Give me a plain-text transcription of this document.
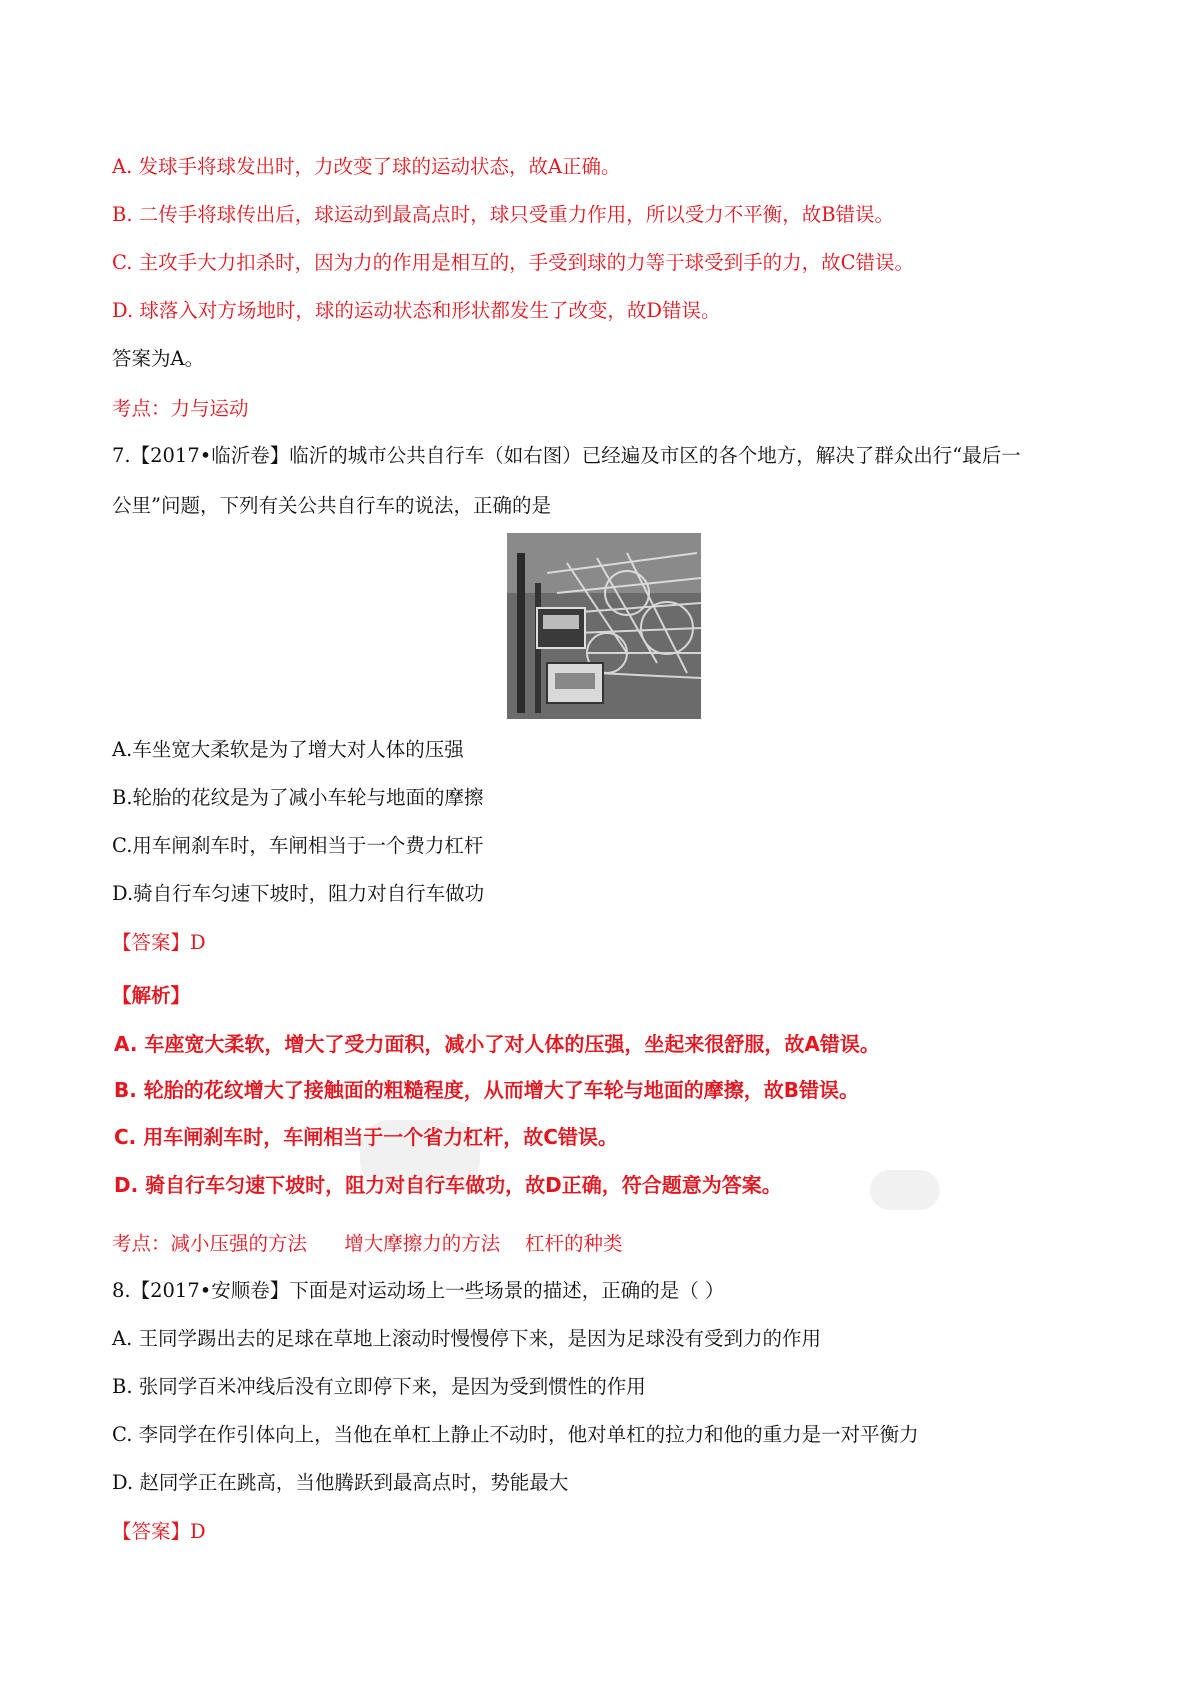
A. 发球手将球发出时，力改变了球的运动状态，故A正确。
B. 二传手将球传出后，球运动到最高点时，球只受重力作用，所以受力不平衡，故B错误。
C. 主攻手大力扣杀时，因为力的作用是相互的，手受到球的力等于球受到手的力，故C错误。
D. 球落入对方场地时，球的运动状态和形状都发生了改变，故D错误。
答案为A。
考点：力与运动
7.【2017•临沂卷】临沂的城市公共自行车（如右图）已经遍及市区的各个地方，解决了群众出行“最后一
公里”问题，下列有关公共自行车的说法，正确的是
A.车坐宽大柔软是为了增大对人体的压强
B.轮胎的花纹是为了减小车轮与地面的摩擦
C.用车闸刹车时，车闸相当于一个费力杠杆
D.骑自行车匀速下坡时，阻力对自行车做功
【答案】D
【解析】
A. 车座宽大柔软，增大了受力面积，减小了对人体的压强，坐起来很舒服，故A错误。
B. 轮胎的花纹增大了接触面的粗糙程度，从而增大了车轮与地面的摩擦，故B错误。
C. 用车闸刹车时，车闸相当于一个省力杠杆，故C错误。
D. 骑自行车匀速下坡时，阻力对自行车做功，故D正确，符合题意为答案。
考点：减小压强的方法      增大摩擦力的方法    杠杆的种类
8.【2017•安顺卷】下面是对运动场上一些场景的描述，正确的是（ ）
A. 王同学踢出去的足球在草地上滚动时慢慢停下来，是因为足球没有受到力的作用
B. 张同学百米冲线后没有立即停下来，是因为受到惯性的作用
C. 李同学在作引体向上，当他在单杠上静止不动时，他对单杠的拉力和他的重力是一对平衡力
D. 赵同学正在跳高，当他腾跃到最高点时，势能最大
【答案】D
